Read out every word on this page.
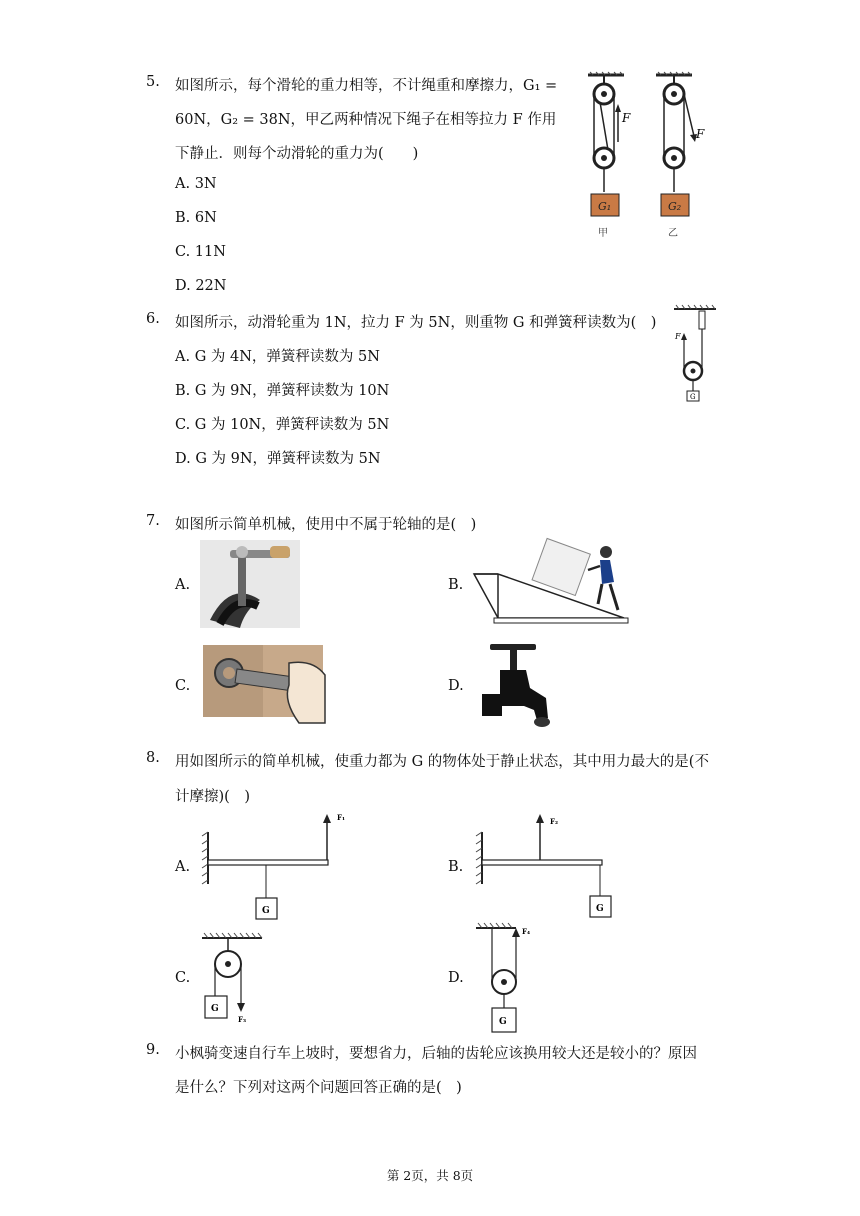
5. 如图所示，每个滑轮的重力相等，不计绳重和摩擦力，G₁ =
60N，G₂ = 38N，甲乙两种情况下绳子在相等拉力 F 作用
下静止．则每个动滑轮的重力为(　　)
A. 3N
B. 6N
C. 11N
D. 22N
F
G₁
甲
F
G₂
乙
6. 如图所示，动滑轮重为 1N，拉力 F 为 5N，则重物 G 和弹簧秤读数为(　)
A. G 为 4N，弹簧秤读数为 5N
B. G 为 9N，弹簧秤读数为 10N
C. G 为 10N，弹簧秤读数为 5N
D. G 为 9N，弹簧秤读数为 5N
F
G
7. 如图所示简单机械，使用中不属于轮轴的是(　)
A.	B.
C.	D.
8. 用如图所示的简单机械，使重力都为 G 的物体处于静止状态，其中用力最大的是(不
计摩擦)(　)
A.
F₁
G
B.
F₂
G
C.
F₃
G
D.
F₄
G
9. 小枫骑变速自行车上坡时，要想省力，后轴的齿轮应该换用较大还是较小的？原因
是什么？下列对这两个问题回答正确的是(　)
第 2页，共 8页
